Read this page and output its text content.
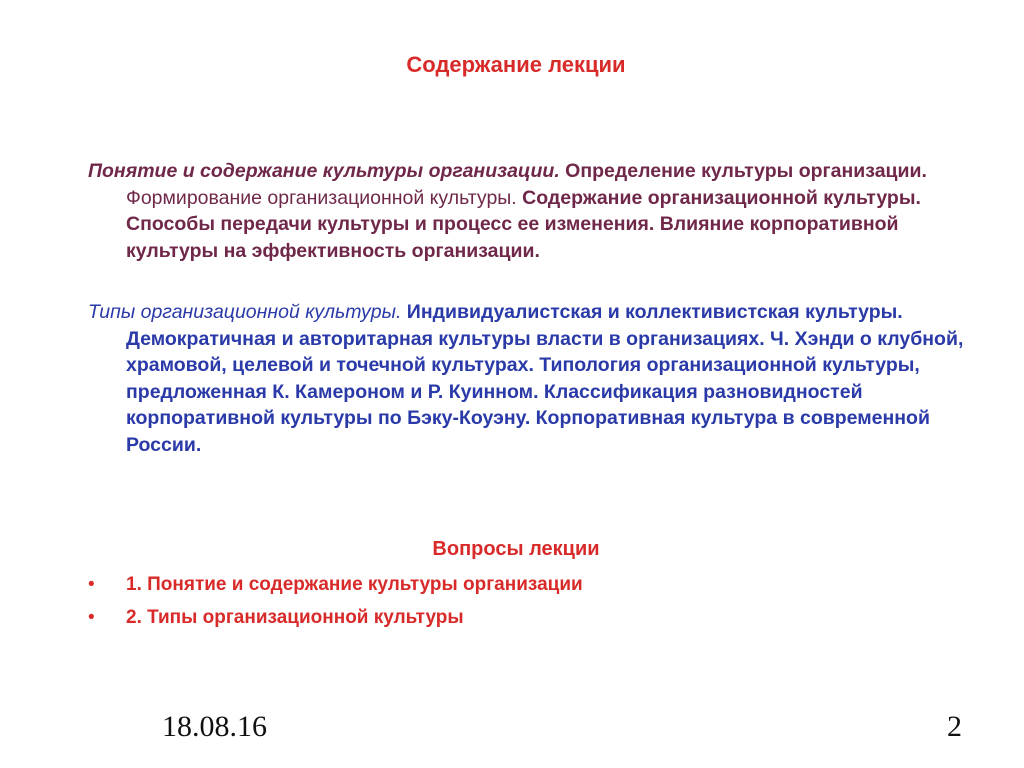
Содержание лекции

Понятие и содержание культуры организации. Определение культуры организации. Формирование организационной культуры. Содержание организационной культуры. Способы передачи культуры и процесс ее изменения. Влияние корпоративной культуры на эффективность организации.

Типы организационной культуры. Индивидуалистская и коллективистская культуры. Демократичная и авторитарная культуры власти в организациях. Ч. Хэнди о клубной, храмовой, целевой и точечной культурах. Типология организационной культуры, предложенная К. Камероном и Р. Куинном. Классификация разновидностей корпоративной культуры по Бэку-Коуэну. Корпоративная культура в современной России.

Вопросы лекции
•	1. Понятие и содержание культуры организации
•	2. Типы организационной культуры
18.08.16	2
